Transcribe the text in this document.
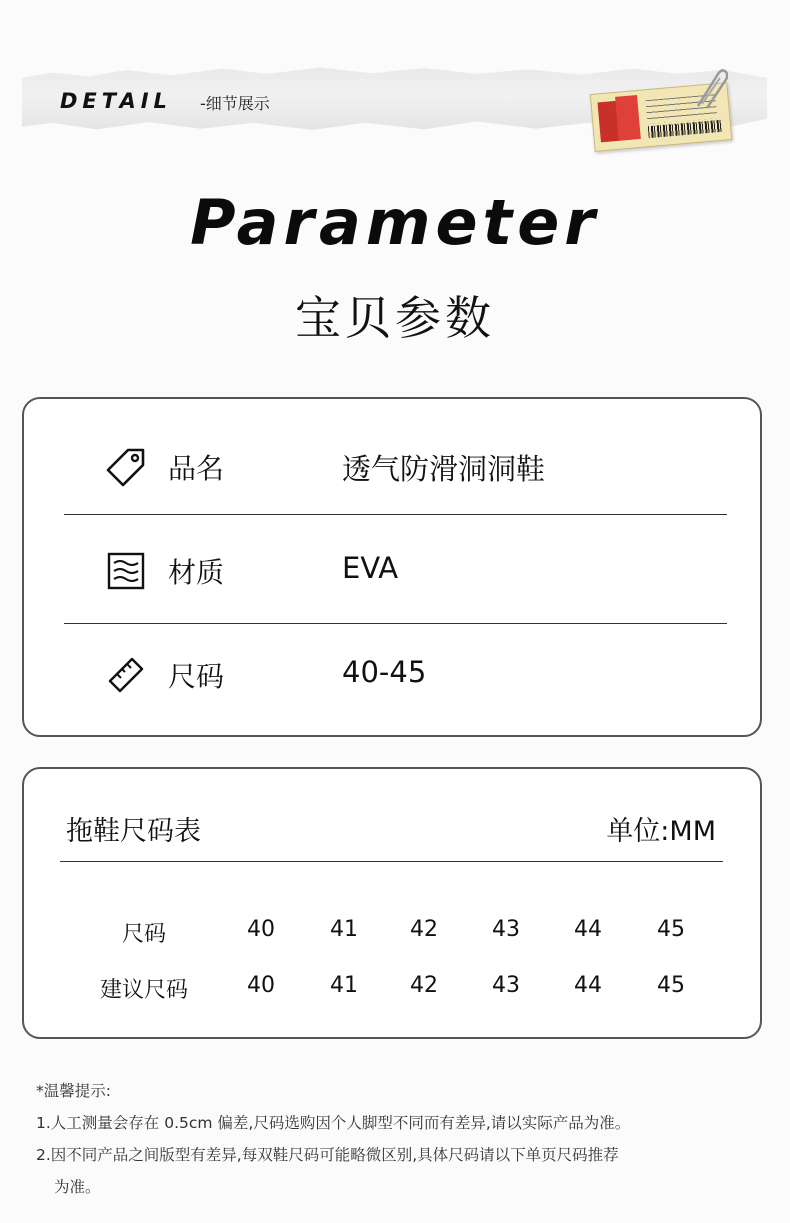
DETAIL -细节展示
Parameter
宝贝参数
品名	透气防滑洞洞鞋
材质	EVA
尺码	40-45
拖鞋尺码表	单位:MM
尺码	40	41	42	43	44	45
建议尺码	40	41	42	43	44	45
*温馨提示:
1.人工测量会存在 0.5cm 偏差,尺码选购因个人脚型不同而有差异,请以实际产品为准。
2.因不同产品之间版型有差异,每双鞋尺码可能略微区别,具体尺码请以下单页尺码推荐
为准。
